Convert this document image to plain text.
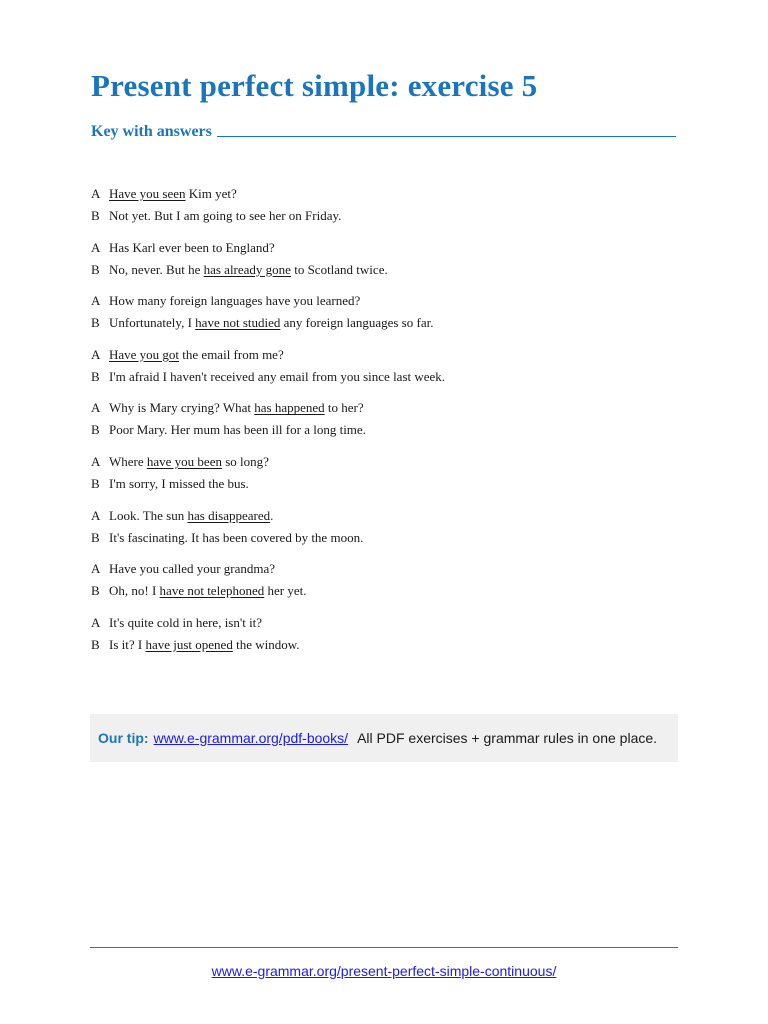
Present perfect simple: exercise 5
Key with answers
A Have you seen Kim yet?
B Not yet. But I am going to see her on Friday.
A Has Karl ever been to England?
B No, never. But he has already gone to Scotland twice.
A How many foreign languages have you learned?
B Unfortunately, I have not studied any foreign languages so far.
A Have you got the email from me?
B I'm afraid I haven't received any email from you since last week.
A Why is Mary crying? What has happened to her?
B Poor Mary. Her mum has been ill for a long time.
A Where have you been so long?
B I'm sorry, I missed the bus.
A Look. The sun has disappeared.
B It's fascinating. It has been covered by the moon.
A Have you called your grandma?
B Oh, no! I have not telephoned her yet.
A It's quite cold in here, isn't it?
B Is it? I have just opened the window.
Our tip: www.e-grammar.org/pdf-books/ All PDF exercises + grammar rules in one place.
www.e-grammar.org/present-perfect-simple-continuous/
